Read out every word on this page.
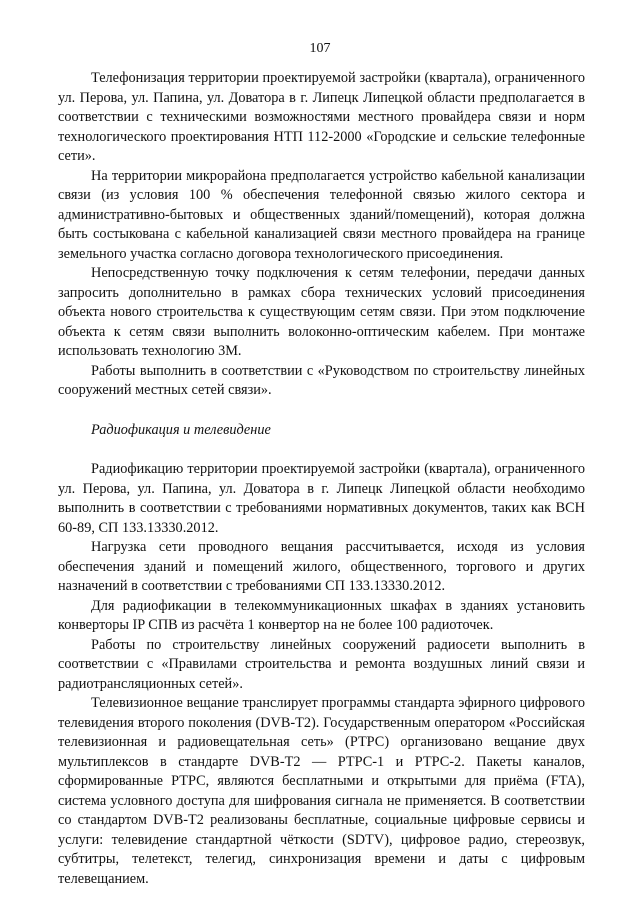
107

Телефонизация территории проектируемой застройки (квартала), ограниченного ул. Перова, ул. Папина, ул. Доватора в г. Липецк Липецкой области предполагается в соответствии с техническими возможностями местного провайдера связи и норм технологического проектирования НТП 112-2000 «Городские и сельские телефонные сети».

На территории микрорайона предполагается устройство кабельной канализации связи (из условия 100 % обеспечения телефонной связью жилого сектора и административно-бытовых и общественных зданий/помещений), которая должна быть состыкована с кабельной канализацией связи местного провайдера на границе земельного участка согласно договора технологического присоединения.

Непосредственную точку подключения к сетям телефонии, передачи данных запросить дополнительно в рамках сбора технических условий присоединения объекта нового строительства к существующим сетям связи. При этом подключение объекта к сетям связи выполнить волоконно-оптическим кабелем. При монтаже использовать технологию 3М.

Работы выполнить в соответствии с «Руководством по строительству линейных сооружений местных сетей связи».

Радиофикация и телевидение

Радиофикацию территории проектируемой застройки (квартала), ограниченного ул. Перова, ул. Папина, ул. Доватора в г. Липецк Липецкой области необходимо выполнить в соответствии с требованиями нормативных документов, таких как ВСН 60-89, СП 133.13330.2012.

Нагрузка сети проводного вещания рассчитывается, исходя из условия обеспечения зданий и помещений жилого, общественного, торгового и других назначений в соответствии с требованиями СП 133.13330.2012.

Для радиофикации в телекоммуникационных шкафах в зданиях установить конверторы IP СПВ из расчёта 1 конвертор на не более 100 радиоточек.

Работы по строительству линейных сооружений радиосети выполнить в соответствии с «Правилами строительства и ремонта воздушных линий связи и радиотрансляционных сетей».

Телевизионное вещание транслирует программы стандарта эфирного цифрового телевидения второго поколения (DVB-T2). Государственным оператором «Российская телевизионная и радиовещательная сеть» (РТРС) организовано вещание двух мультиплексов в стандарте DVB-T2 — РТРС-1 и РТРС-2. Пакеты каналов, сформированные РТРС, являются бесплатными и открытыми для приёма (FTA), система условного доступа для шифрования сигнала не применяется. В соответствии со стандартом DVB-T2 реализованы бесплатные, социальные цифровые сервисы и услуги: телевидение стандартной чёткости (SDTV), цифровое радио, стереозвук, субтитры, телетекст, телегид, синхронизация времени и даты с цифровым телевещанием.
